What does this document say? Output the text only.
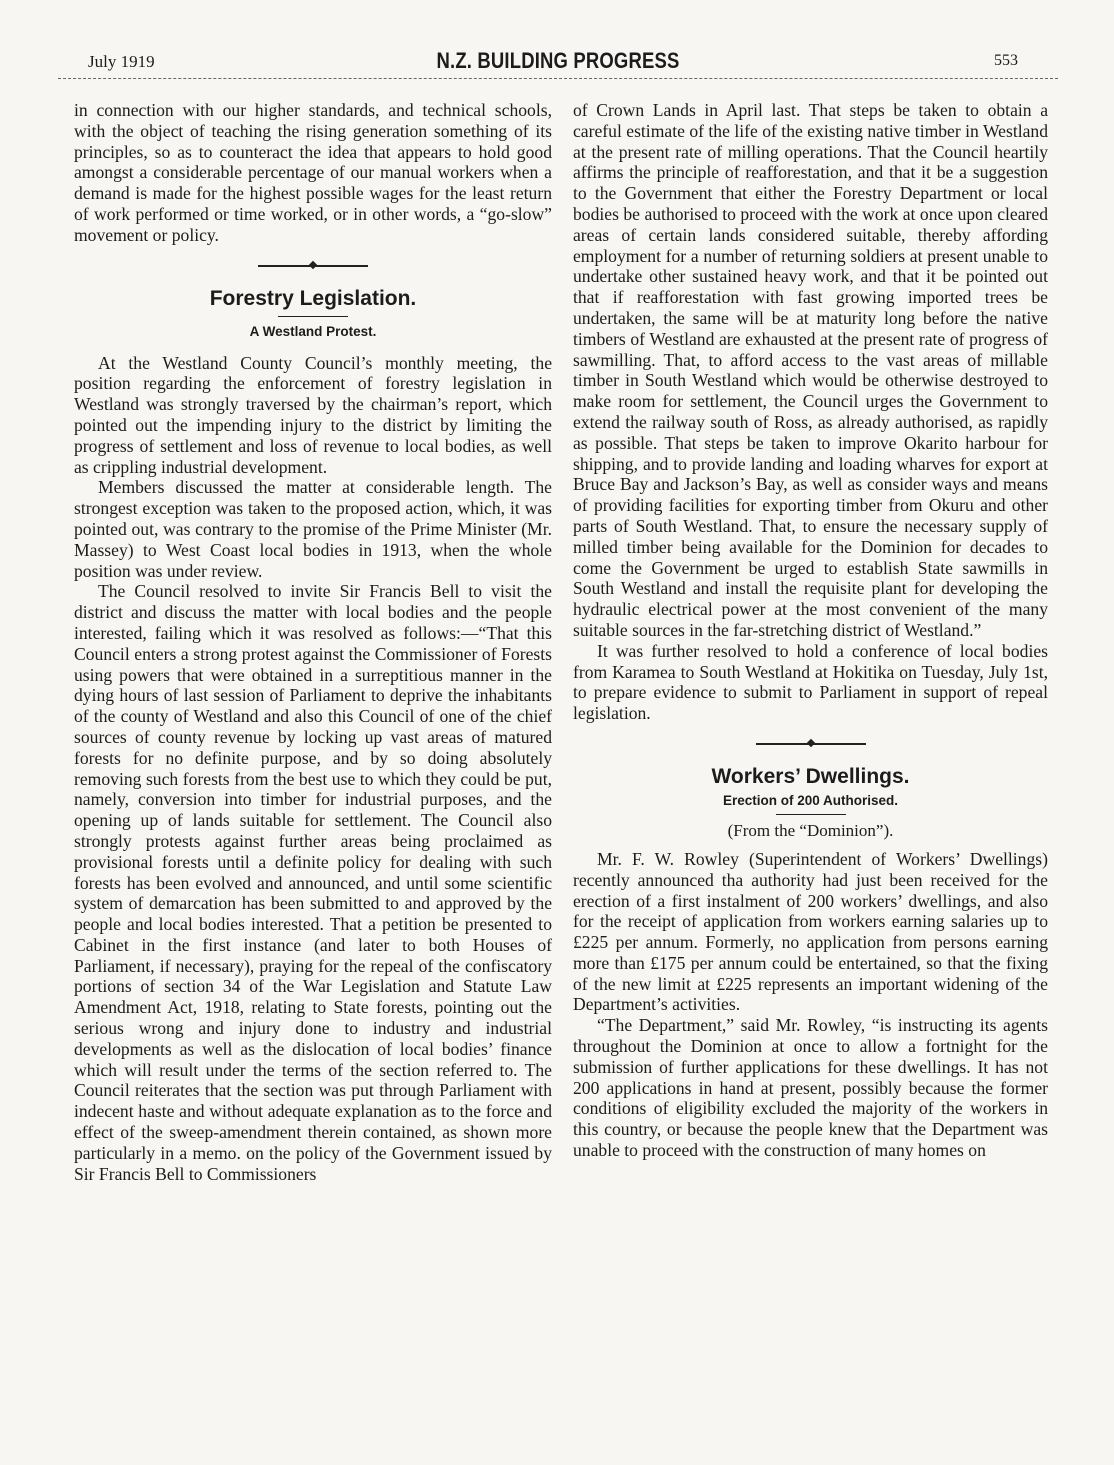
July 1919	N.Z. BUILDING PROGRESS	553

in connection with our higher standards, and technical schools, with the object of teaching the rising generation something of its principles, so as to counteract the idea that appears to hold good amongst a considerable percentage of our manual workers when a demand is made for the highest possible wages for the least return of work performed or time worked, or in other words, a “go-slow” movement or policy.

Forestry Legislation.
A Westland Protest.

At the Westland County Council’s monthly meeting, the position regarding the enforcement of forestry legislation in Westland was strongly traversed by the chairman’s report, which pointed out the impending injury to the district by limiting the progress of settlement and loss of revenue to local bodies, as well as crippling industrial development.

Members discussed the matter at considerable length. The strongest exception was taken to the proposed action, which, it was pointed out, was contrary to the promise of the Prime Minister (Mr. Massey) to West Coast local bodies in 1913, when the whole position was under review.

The Council resolved to invite Sir Francis Bell to visit the district and discuss the matter with local bodies and the people interested, failing which it was resolved as follows:—“That this Council enters a strong protest against the Commissioner of Forests using powers that were obtained in a surreptitious manner in the dying hours of last session of Parliament to deprive the inhabitants of the county of Westland and also this Council of one of the chief sources of county revenue by locking up vast areas of matured forests for no definite purpose, and by so doing absolutely removing such forests from the best use to which they could be put, namely, conversion into timber for industrial purposes, and the opening up of lands suitable for settlement. The Council also strongly protests against further areas being proclaimed as provisional forests until a definite policy for dealing with such forests has been evolved and announced, and until some scientific system of demarcation has been submitted to and approved by the people and local bodies interested. That a petition be presented to Cabinet in the first instance (and later to both Houses of Parliament, if necessary), praying for the repeal of the confiscatory portions of section 34 of the War Legislation and Statute Law Amendment Act, 1918, relating to State forests, pointing out the serious wrong and injury done to industry and industrial developments as well as the dislocation of local bodies’ finance which will result under the terms of the section referred to. The Council reiterates that the section was put through Parliament with indecent haste and without adequate explanation as to the force and effect of the sweep-amendment therein contained, as shown more particularly in a memo. on the policy of the Government issued by Sir Francis Bell to Commissioners

of Crown Lands in April last. That steps be taken to obtain a careful estimate of the life of the existing native timber in Westland at the present rate of milling operations. That the Council heartily affirms the principle of reafforestation, and that it be a suggestion to the Government that either the Forestry Department or local bodies be authorised to proceed with the work at once upon cleared areas of certain lands considered suitable, thereby affording employment for a number of returning soldiers at present unable to undertake other sustained heavy work, and that it be pointed out that if reafforestation with fast growing imported trees be undertaken, the same will be at maturity long before the native timbers of Westland are exhausted at the present rate of progress of sawmilling. That, to afford access to the vast areas of millable timber in South Westland which would be otherwise destroyed to make room for settlement, the Council urges the Government to extend the railway south of Ross, as already authorised, as rapidly as possible. That steps be taken to improve Okarito harbour for shipping, and to provide landing and loading wharves for export at Bruce Bay and Jackson’s Bay, as well as consider ways and means of providing facilities for exporting timber from Okuru and other parts of South Westland. That, to ensure the necessary supply of milled timber being available for the Dominion for decades to come the Government be urged to establish State sawmills in South Westland and install the requisite plant for developing the hydraulic electrical power at the most convenient of the many suitable sources in the far-stretching district of Westland.”

It was further resolved to hold a conference of local bodies from Karamea to South Westland at Hokitika on Tuesday, July 1st, to prepare evidence to submit to Parliament in support of repeal legislation.

Workers’ Dwellings.
Erection of 200 Authorised.
(From the “Dominion”).

Mr. F. W. Rowley (Superintendent of Workers’ Dwellings) recently announced tha authority had just been received for the erection of a first instalment of 200 workers’ dwellings, and also for the receipt of application from workers earning salaries up to £225 per annum. Formerly, no application from persons earning more than £175 per annum could be entertained, so that the fixing of the new limit at £225 represents an important widening of the Department’s activities.

“The Department,” said Mr. Rowley, “is instructing its agents throughout the Dominion at once to allow a fortnight for the submission of further applications for these dwellings. It has not 200 applications in hand at present, possibly because the former conditions of eligibility excluded the majority of the workers in this country, or because the people knew that the Department was unable to proceed with the construction of many homes on
